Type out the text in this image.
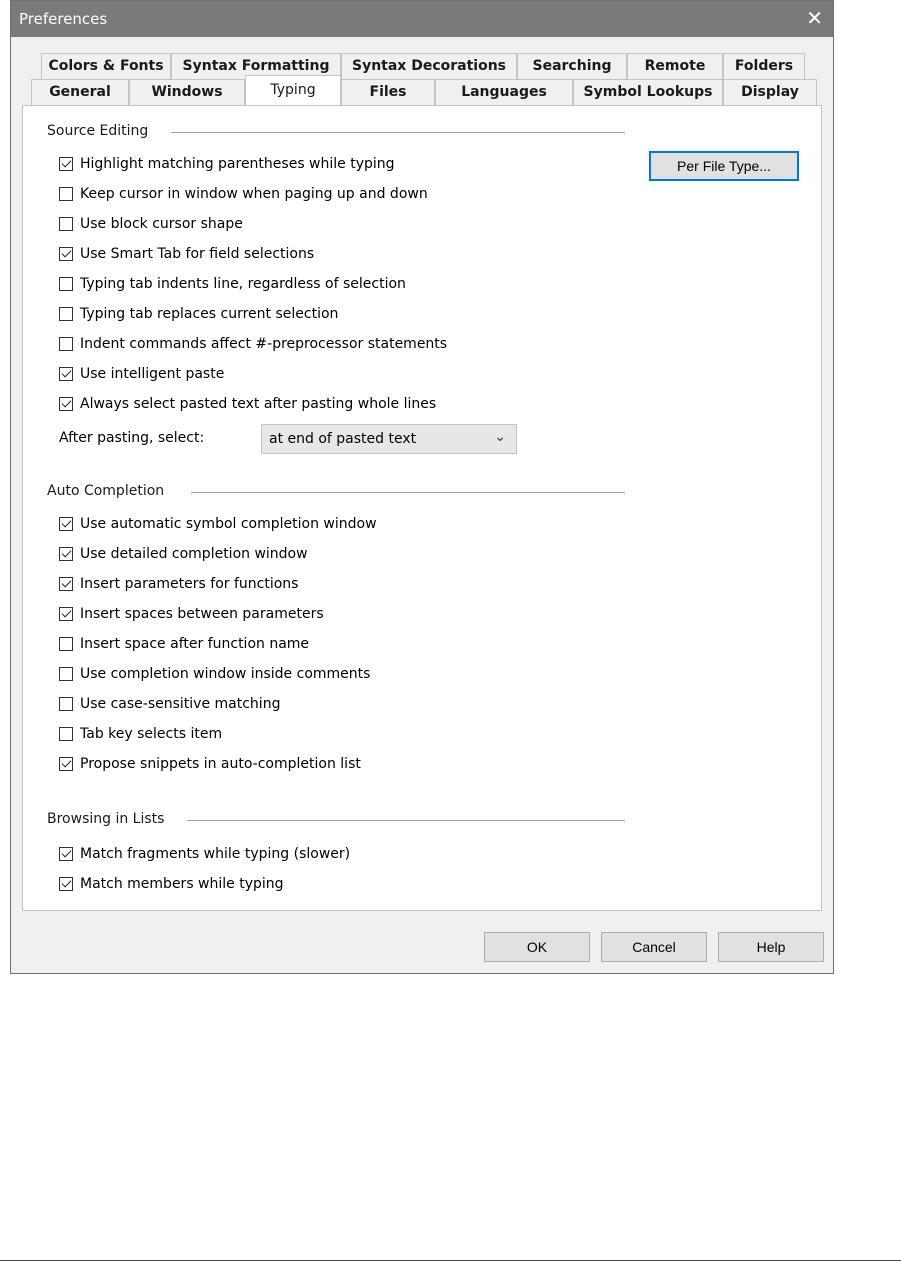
Preferences	✕
Colors & Fonts	Syntax Formatting	Syntax Decorations	Searching	Remote	Folders
General	Windows	Typing	Files	Languages	Symbol Lookups	Display
Source Editing
Per File Type...
Highlight matching parentheses while typing
Keep cursor in window when paging up and down
Use block cursor shape
Use Smart Tab for field selections
Typing tab indents line, regardless of selection
Typing tab replaces current selection
Indent commands affect #-preprocessor statements
Use intelligent paste
Always select pasted text after pasting whole lines
After pasting, select:	at end of pasted text	⌄
Auto Completion
Use automatic symbol completion window
Use detailed completion window
Insert parameters for functions
Insert spaces between parameters
Insert space after function name
Use completion window inside comments
Use case-sensitive matching
Tab key selects item
Propose snippets in auto-completion list
Browsing in Lists
Match fragments while typing (slower)
Match members while typing
OK	Cancel	Help
